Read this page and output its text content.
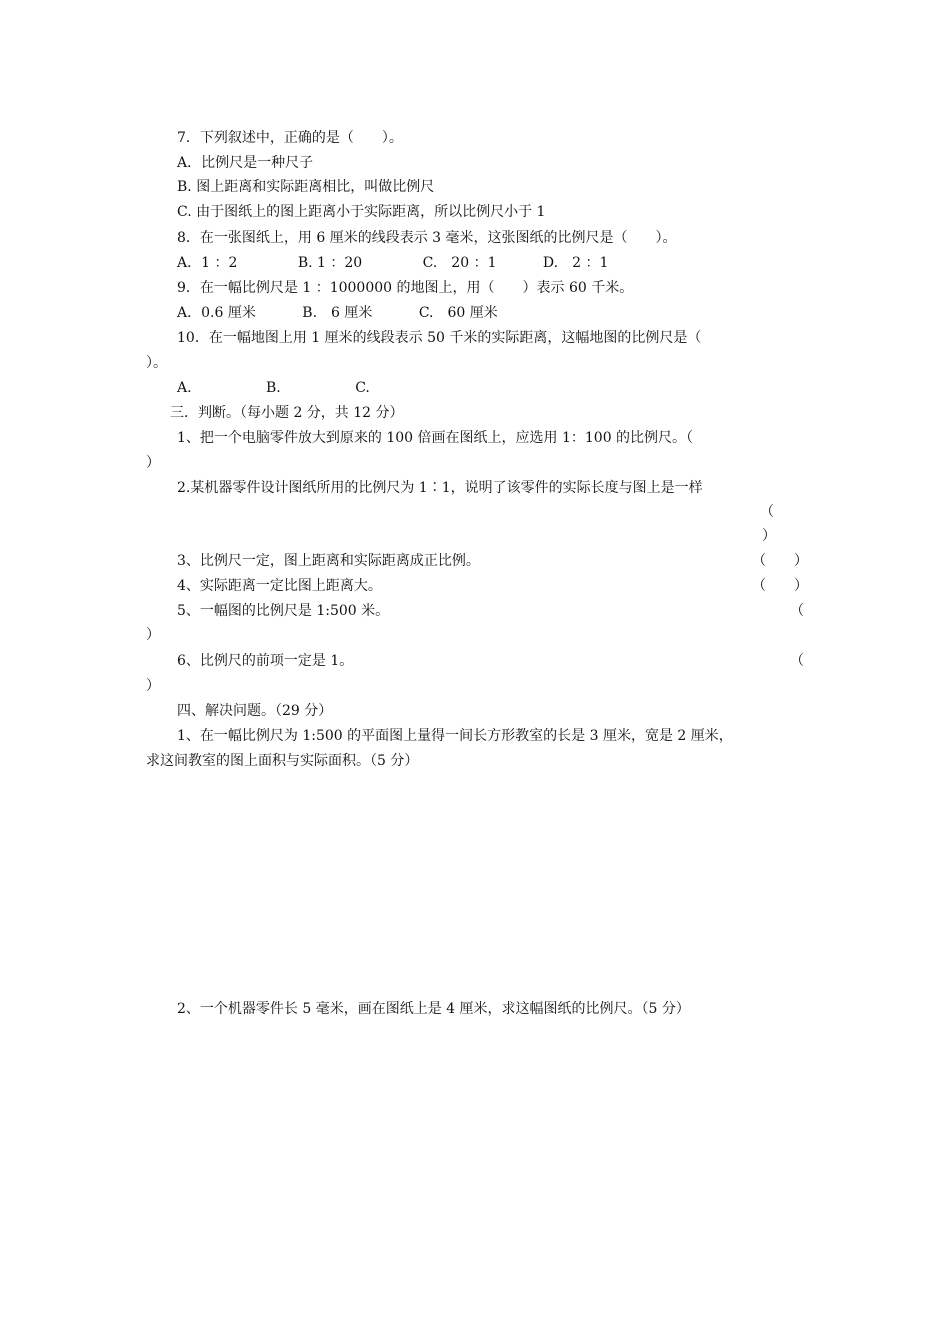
7．下列叙述中，正确的是（　　）。
A．比例尺是一种尺子
B. 图上距离和实际距离相比，叫做比例尺
C. 由于图纸上的图上距离小于实际距离，所以比例尺小于 1
8．在一张图纸上，用 6 厘米的线段表示 3 毫米，这张图纸的比例尺是（　　）。
A．1 ：2　　　　 B. 1 ：20　　　　 C.　20 ：1　　　 D.　2 ：1
9．在一幅比例尺是 1 ：1000000 的地图上，用（　　）表示 60 千米。
A．0.6 厘米　　　 B.　6 厘米　　　 C.　60 厘米
10．在一幅地图上用 1 厘米的线段表示 50 千米的实际距离，这幅地图的比例尺是（
）。
A.　　　　　 B.　　　　　 C.
三．判断。（每小题 2 分，共 12 分）
1、把一个电脑零件放大到原来的 100 倍画在图纸上，应选用 1：100 的比例尺。（
）
2.某机器零件设计图纸所用的比例尺为 1∶1，说明了该零件的实际长度与图上是一样
（
）
3、比例尺一定，图上距离和实际距离成正比例。	（　　）
4、实际距离一定比图上距离大。	（　　）
5、一幅图的比例尺是 1:500 米。	（
）
6、比例尺的前项一定是 1。	（
）
四、解决问题。（29 分）
1、在一幅比例尺为 1:500 的平面图上量得一间长方形教室的长是 3 厘米，宽是 2 厘米，
求这间教室的图上面积与实际面积。（5 分）
2、一个机器零件长 5 毫米，画在图纸上是 4 厘米，求这幅图纸的比例尺。（5 分）
